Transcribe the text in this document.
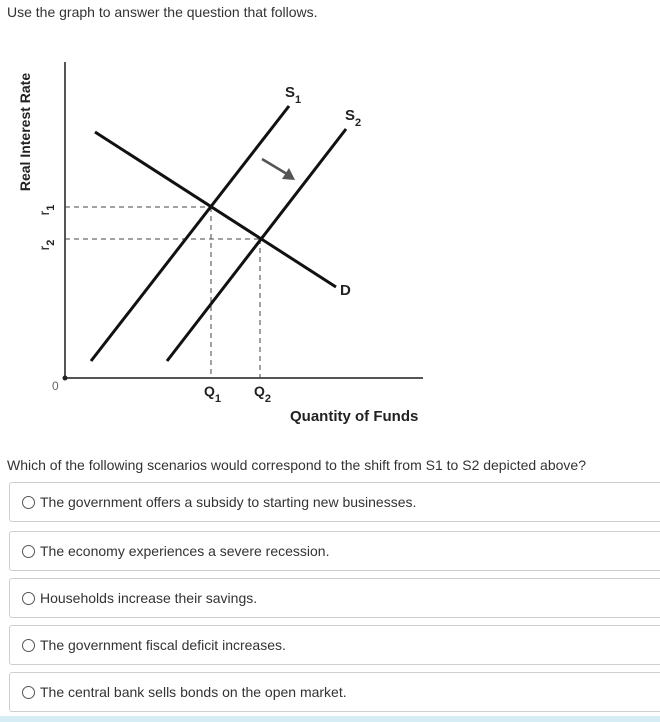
Use the graph to answer the question that follows.
Real Interest Rate
Quantity of Funds
0
$r_1$
$r_2$
$Q_1$ $Q_2$
$S_1$
$S_2$
D
Which of the following scenarios would correspond to the shift from S1 to S2 depicted above?
The government offers a subsidy to starting new businesses.
The economy experiences a severe recession.
Households increase their savings.
The government fiscal deficit increases.
The central bank sells bonds on the open market.
